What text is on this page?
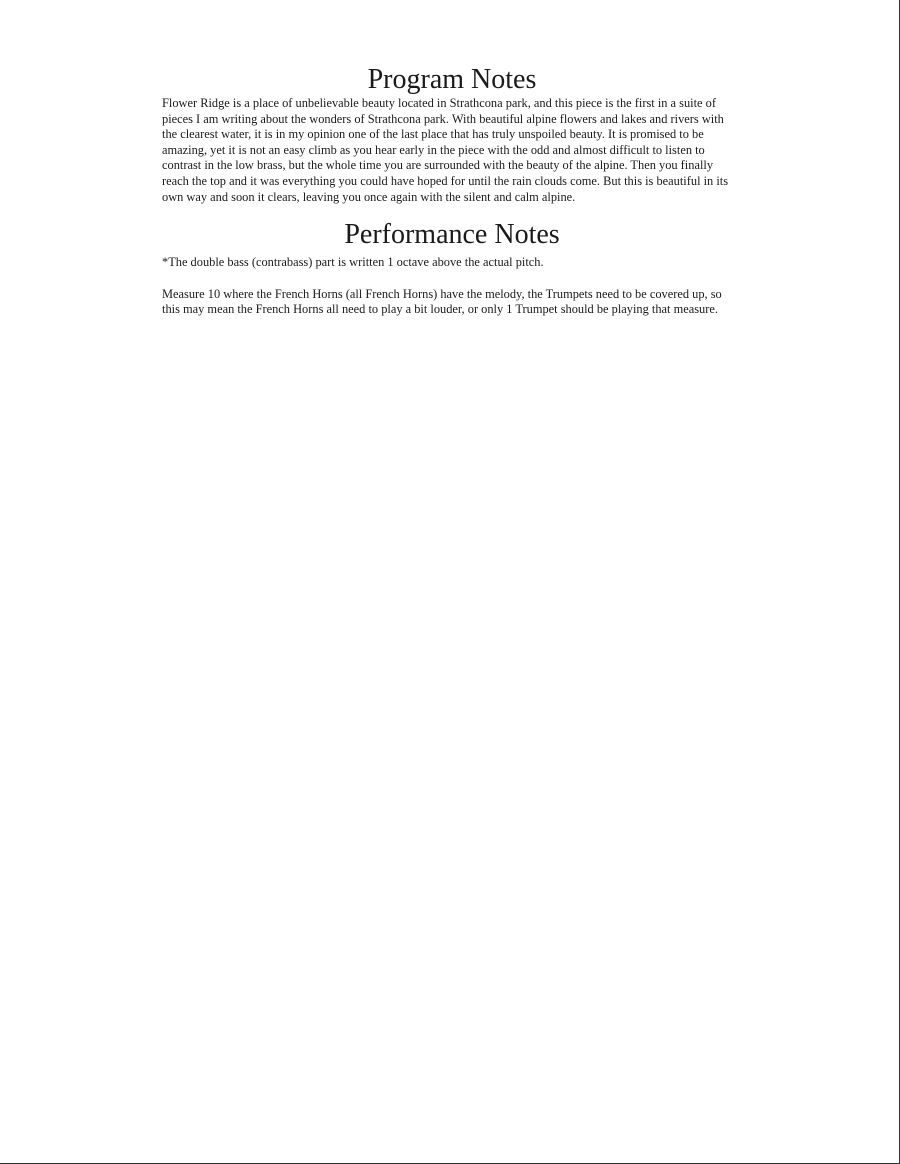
Program Notes

Flower Ridge is a place of unbelievable beauty located in Strathcona park, and this piece is the first in a suite of pieces I am writing about the wonders of Strathcona park. With beautiful alpine flowers and lakes and rivers with the clearest water, it is in my opinion one of the last place that has truly unspoiled beauty. It is promised to be amazing, yet it is not an easy climb as you hear early in the piece with the odd and almost difficult to listen to contrast in the low brass, but the whole time you are surrounded with the beauty of the alpine. Then you finally reach the top and it was everything you could have hoped for until the rain clouds come. But this is beautiful in its own way and soon it clears, leaving you once again with the silent and calm alpine.

Performance Notes

*The double bass (contrabass) part is written 1 octave above the actual pitch.

Measure 10 where the French Horns (all French Horns) have the melody, the Trumpets need to be covered up, so this may mean the French Horns all need to play a bit louder, or only 1 Trumpet should be playing that measure.
